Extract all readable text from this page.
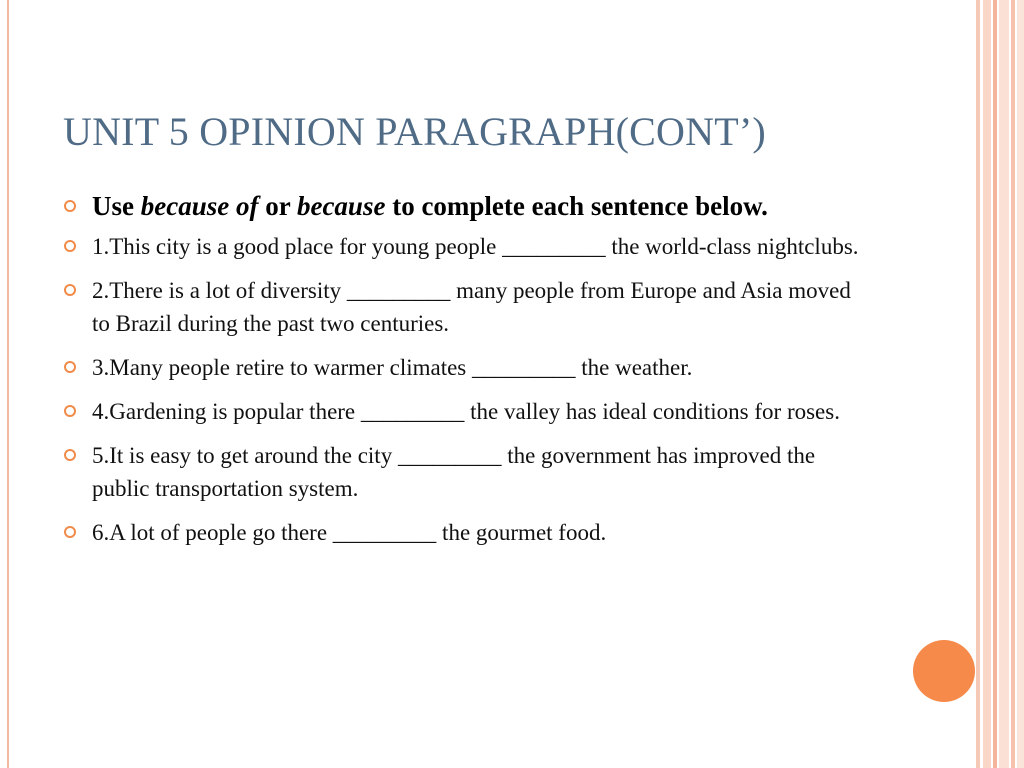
UNIT 5 OPINION PARAGRAPH(CONT’)
Use because of or because to complete each sentence below.
1.This city is a good place for young people _________ the world-class nightclubs.
2.There is a lot of diversity _________ many people from Europe and Asia moved to Brazil during the past two centuries.
3.Many people retire to warmer climates _________ the weather.
4.Gardening is popular there _________ the valley has ideal conditions for roses.
5.It is easy to get around the city _________ the government has improved the public transportation system.
6.A lot of people go there _________ the gourmet food.
